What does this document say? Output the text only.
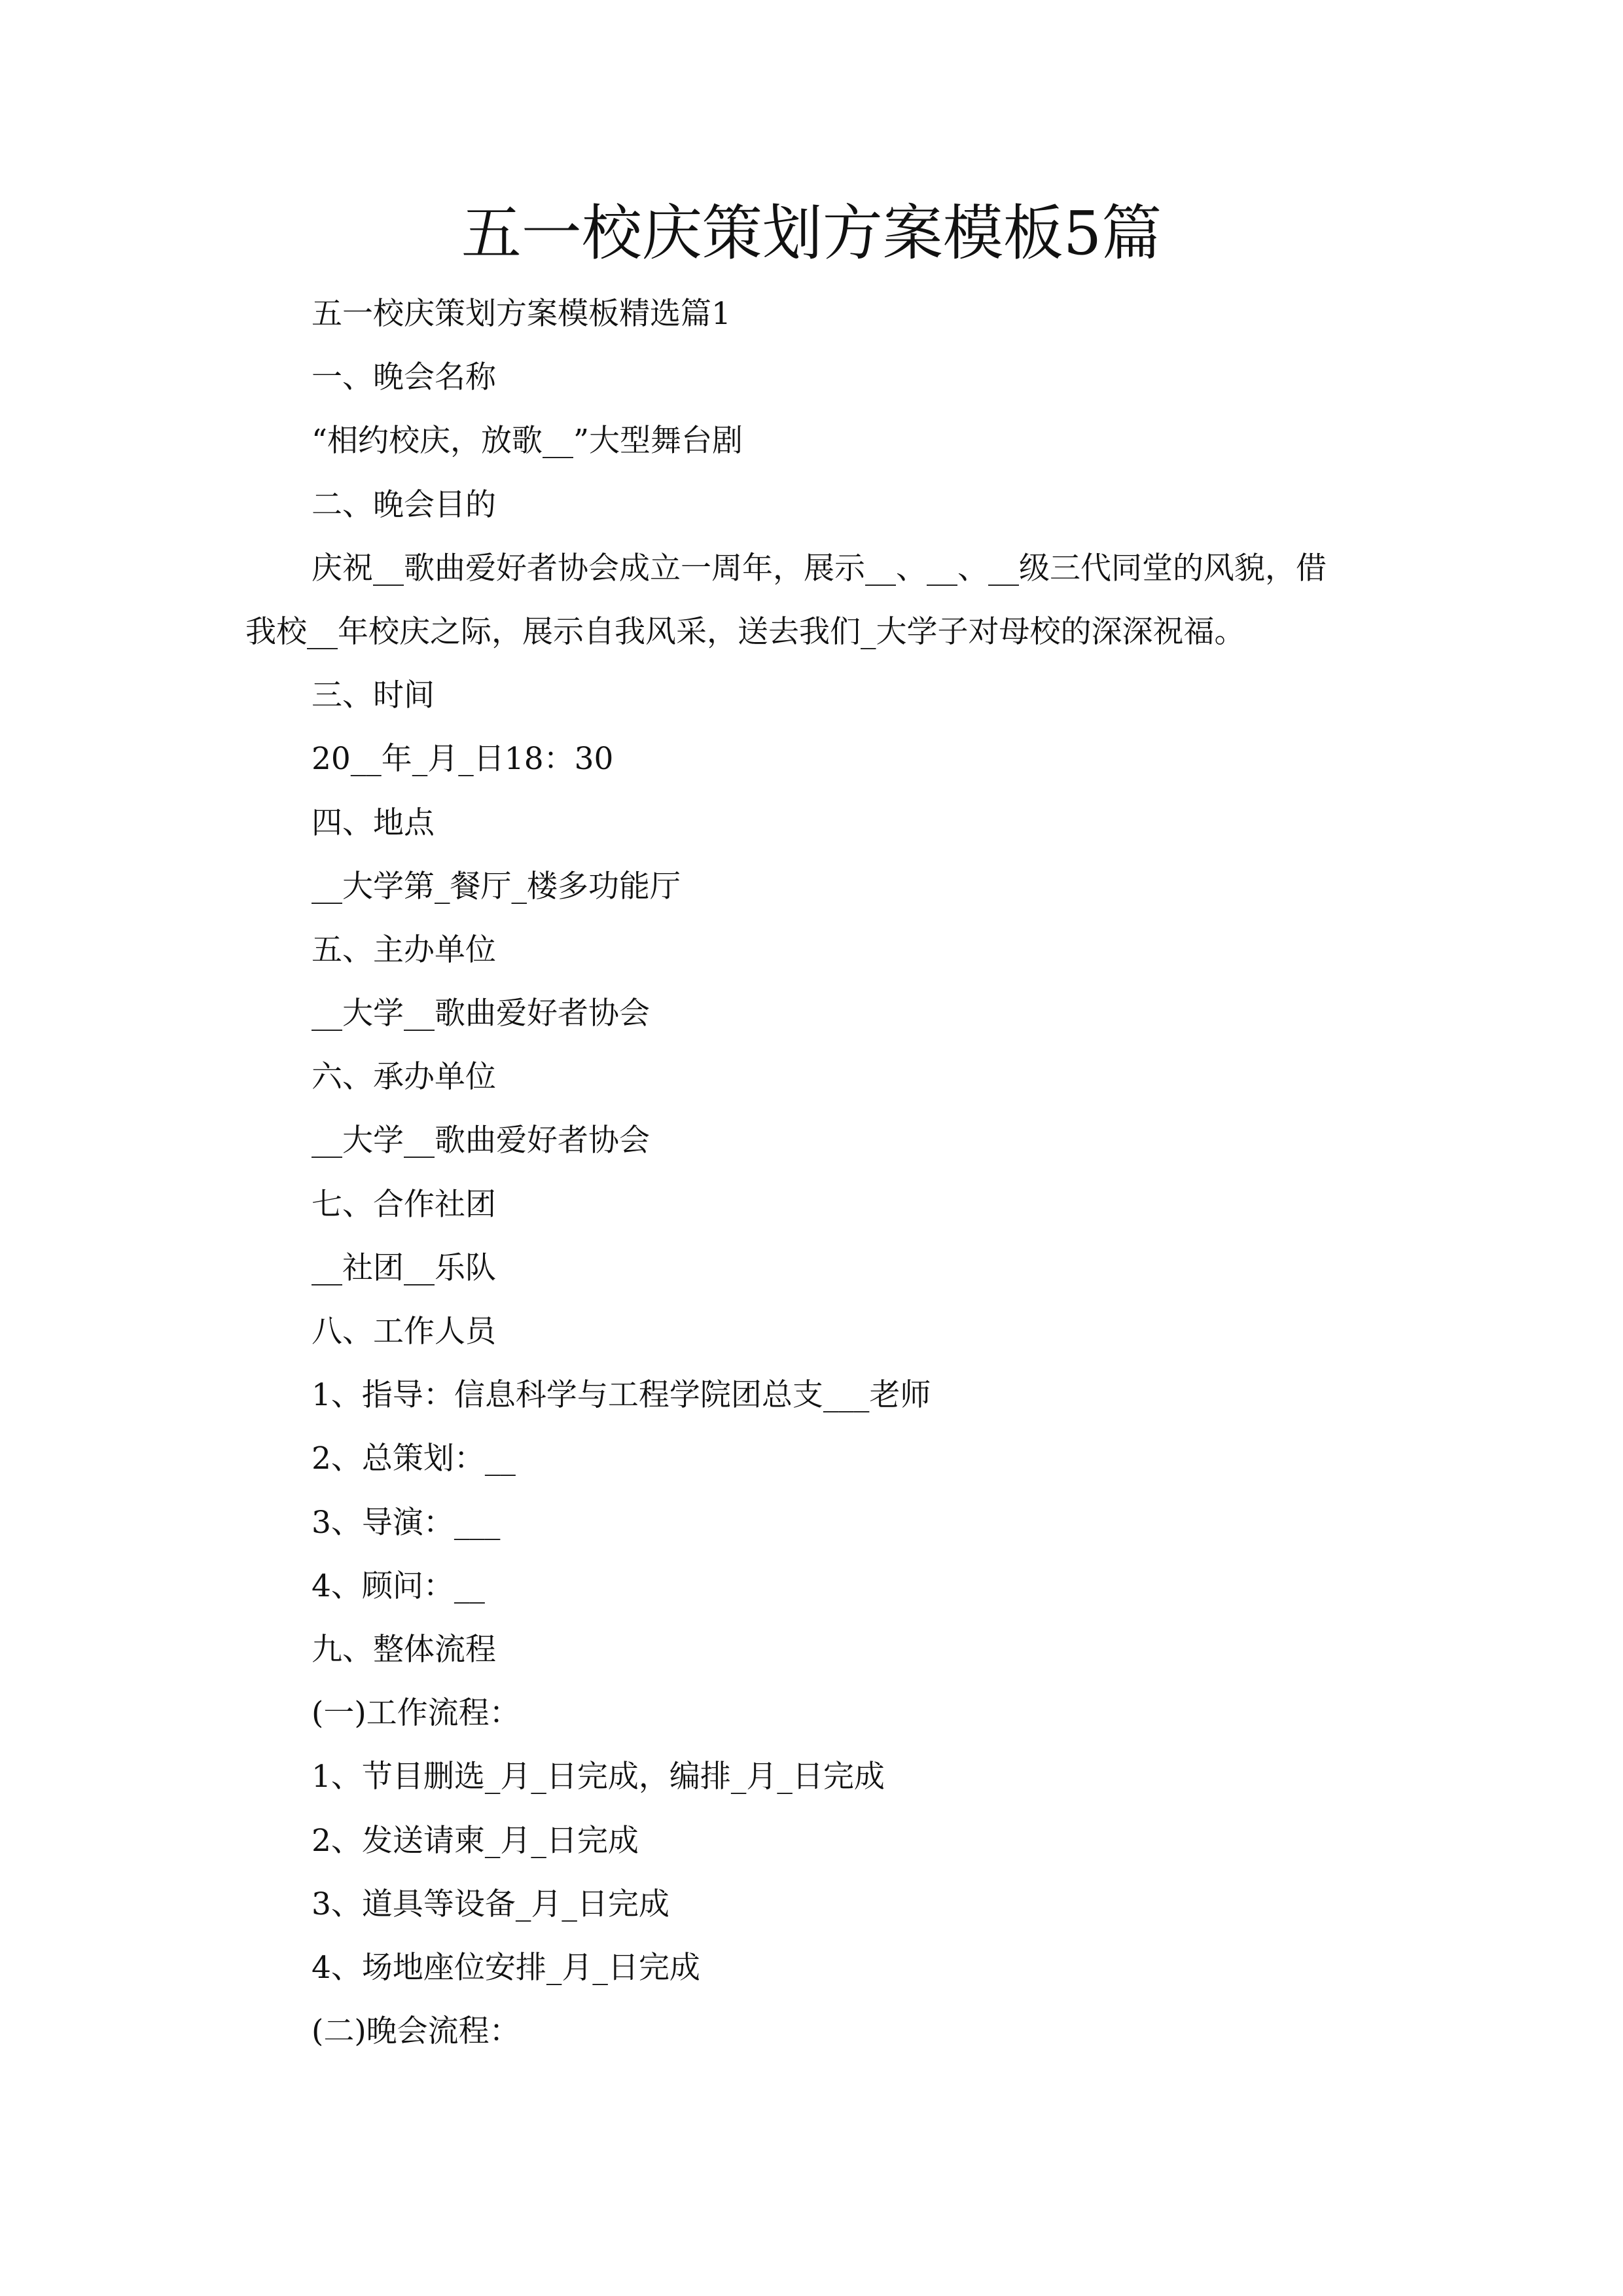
五一校庆策划方案模板5篇

五一校庆策划方案模板精选篇1

一、晚会名称

“相约校庆，放歌__”大型舞台剧

二、晚会目的

庆祝__歌曲爱好者协会成立一周年，展示__、__、__级三代同堂的风貌，借

我校__年校庆之际，展示自我风采，送去我们_大学子对母校的深深祝福。

三、时间

20__年_月_日18：30

四、地点

__大学第_餐厅_楼多功能厅

五、主办单位

__大学__歌曲爱好者协会

六、承办单位

__大学__歌曲爱好者协会

七、合作社团

__社团__乐队

八、工作人员

1、指导：信息科学与工程学院团总支___老师

2、总策划：__

3、导演：___

4、顾问：__

九、整体流程

(一)工作流程：

1、节目删选_月_日完成，编排_月_日完成

2、发送请柬_月_日完成

3、道具等设备_月_日完成

4、场地座位安排_月_日完成

(二)晚会流程：
